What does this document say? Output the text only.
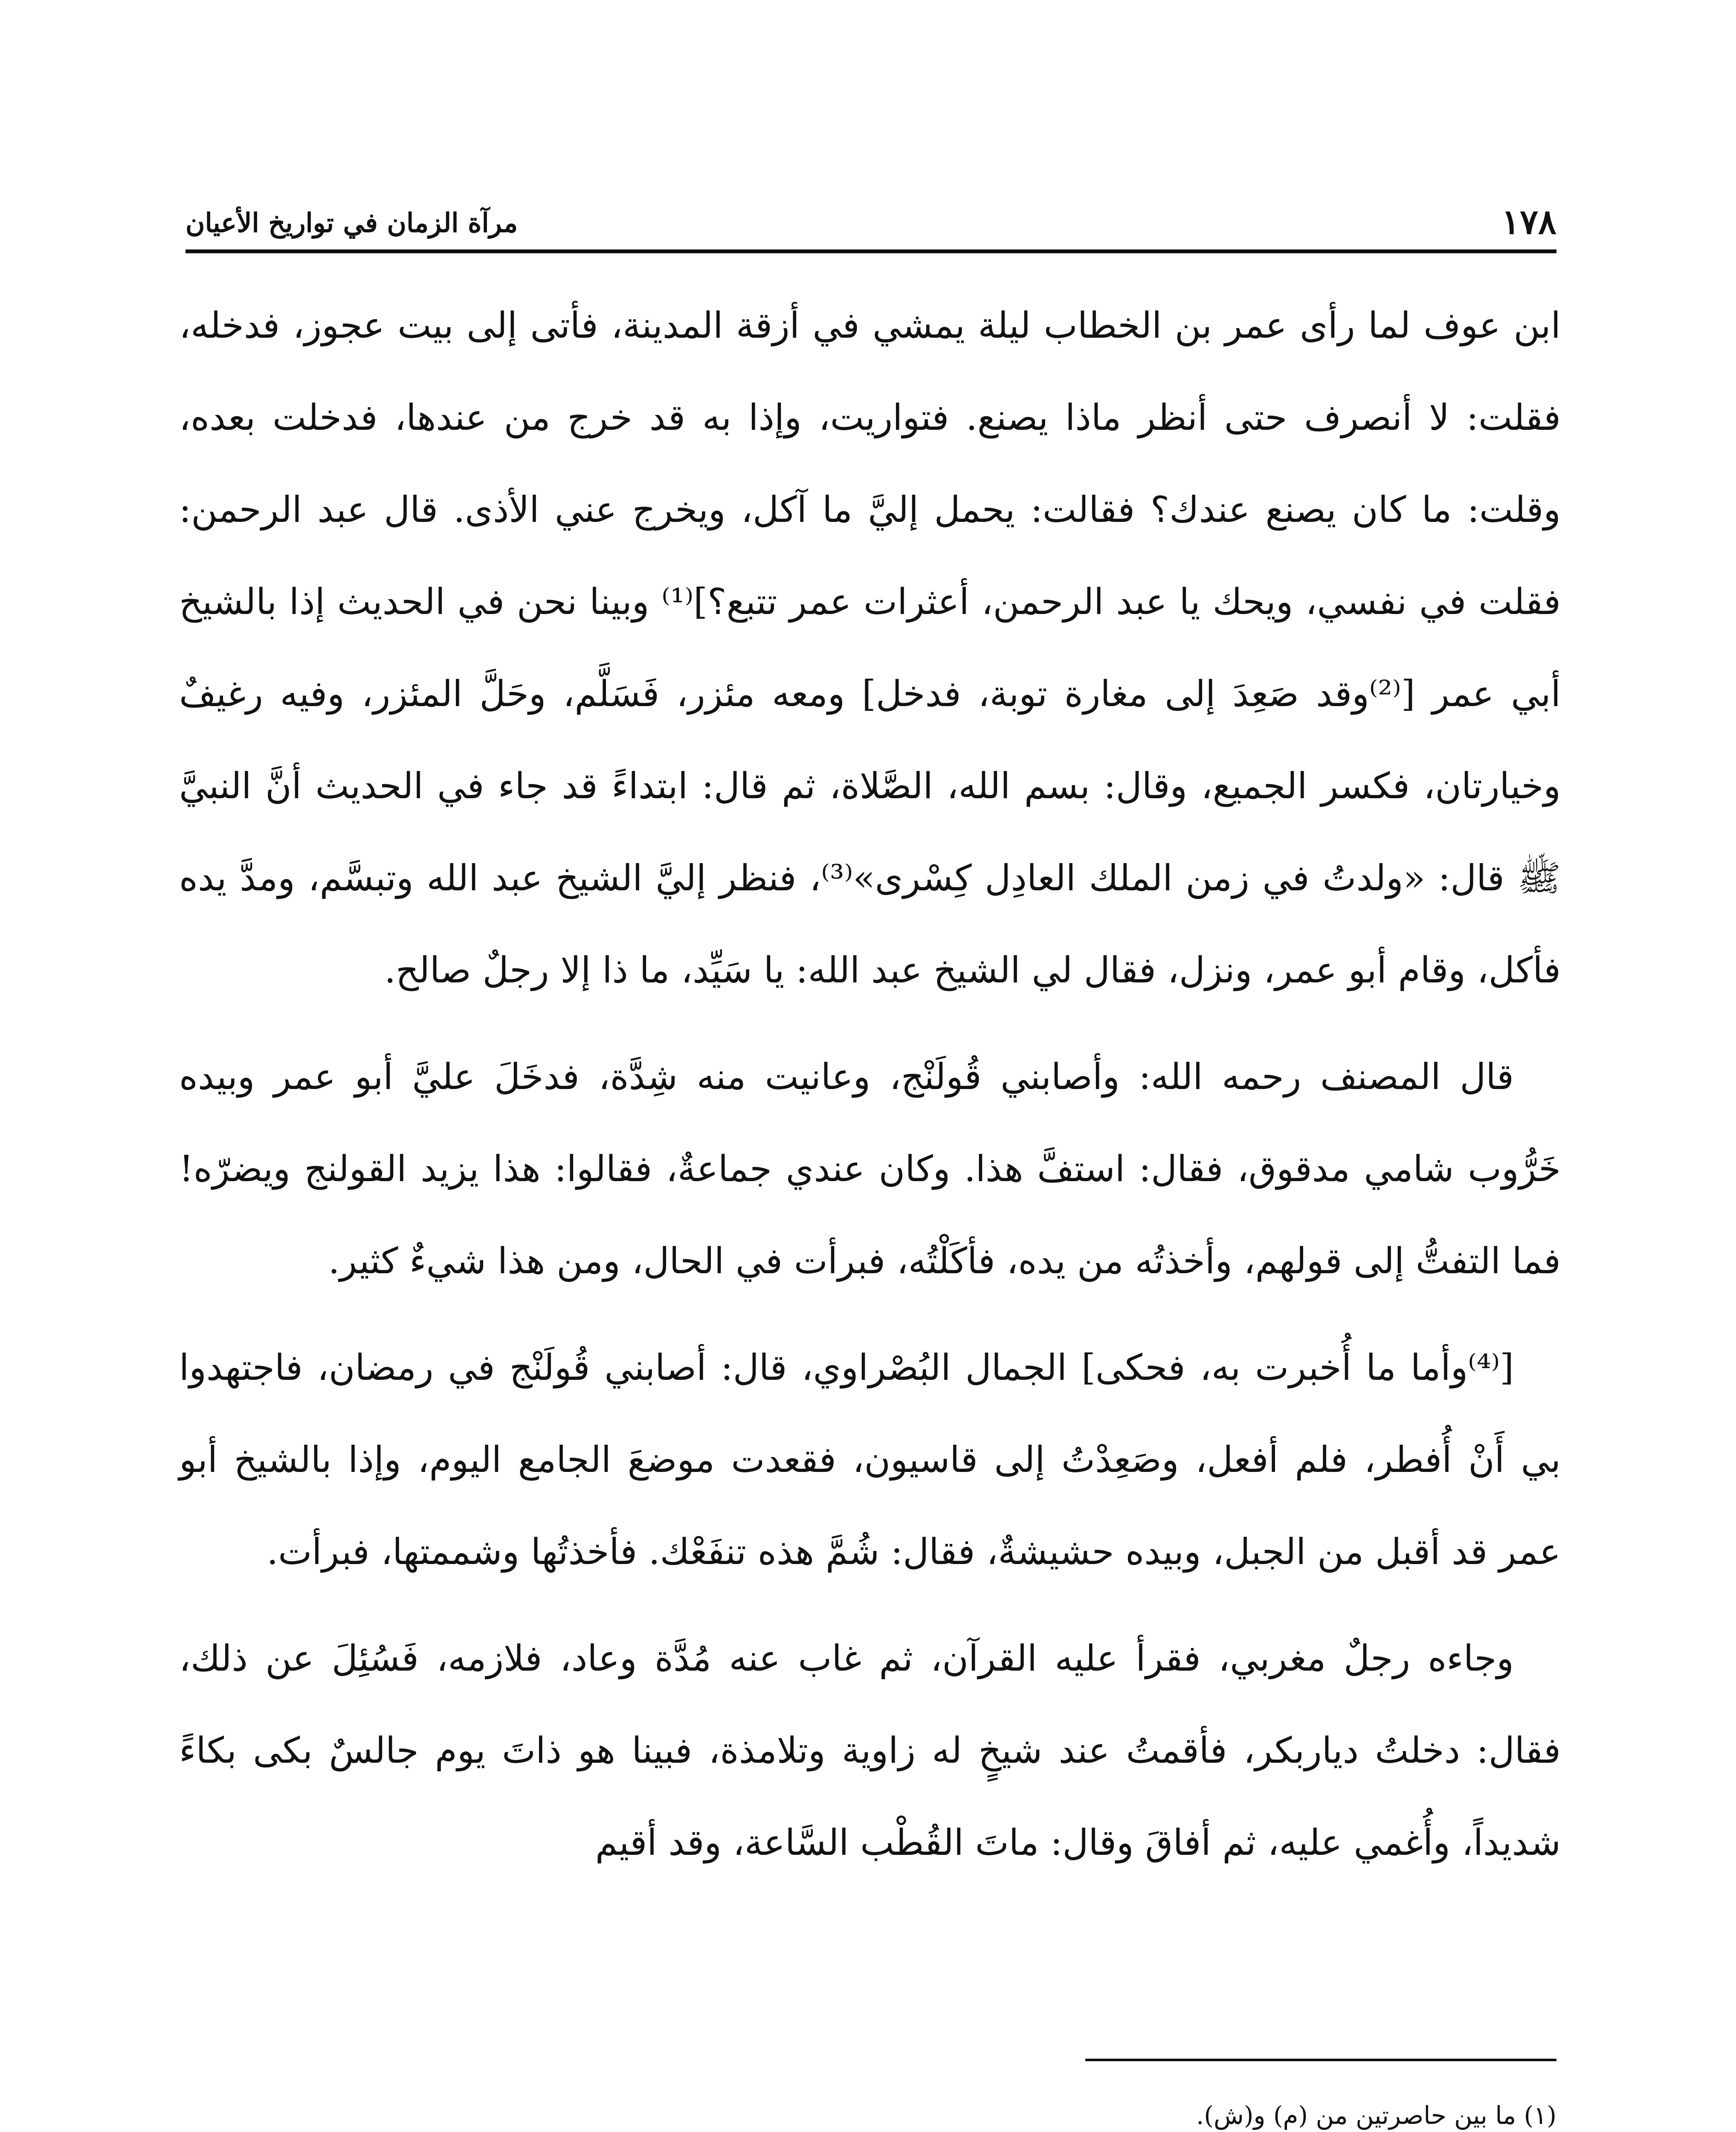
١٧٨
مرآة الزمان في تواريخ الأعيان

ابن عوف لما رأى عمر بن الخطاب ليلة يمشي في أزقة المدينة، فأتى إلى بيت عجوز، فدخله، فقلت: لا أنصرف حتى أنظر ماذا يصنع. فتواريت، وإذا به قد خرج من عندها، فدخلت بعده، وقلت: ما كان يصنع عندك؟ فقالت: يحمل إليَّ ما آكل، ويخرج عني الأذى. قال عبد الرحمن: فقلت في نفسي، ويحك يا عبد الرحمن، أعثرات عمر تتبع؟]⁽¹⁾ وبينا نحن في الحديث إذا بالشيخ أبي عمر [⁽²⁾وقد صَعِدَ إلى مغارة توبة، فدخل] ومعه مئزر، فَسَلَّم، وحَلَّ المئزر، وفيه رغيفٌ وخيارتان، فكسر الجميع، وقال: بسم الله، الصَّلاة، ثم قال: ابتداءً قد جاء في الحديث أنَّ النبيَّ ﷺ قال: «ولدتُ في زمن الملك العادِل كِسْرى»⁽³⁾، فنظر إليَّ الشيخ عبد الله وتبسَّم، ومدَّ يده فأكل، وقام أبو عمر، ونزل، فقال لي الشيخ عبد الله: يا سَيِّد، ما ذا إلا رجلٌ صالح.

قال المصنف رحمه الله: وأصابني قُولَنْج، وعانيت منه شِدَّة، فدخَلَ عليَّ أبو عمر وبيده خَرُّوب شامي مدقوق، فقال: استفَّ هذا. وكان عندي جماعةٌ، فقالوا: هذا يزيد القولنج ويضرّه! فما التفتُّ إلى قولهم، وأخذتُه من يده، فأكَلْتُه، فبرأت في الحال، ومن هذا شيءٌ كثير.

[⁽⁴⁾وأما ما أُخبرت به، فحكى] الجمال البُصْراوي، قال: أصابني قُولَنْج في رمضان، فاجتهدوا بي أَنْ أُفطر، فلم أفعل، وصَعِدْتُ إلى قاسيون، فقعدت موضعَ الجامع اليوم، وإذا بالشيخ أبو عمر قد أقبل من الجبل، وبيده حشيشةٌ، فقال: شُمَّ هذه تنفَعْك. فأخذتُها وشممتها، فبرأت.

وجاءه رجلٌ مغربي، فقرأ عليه القرآن، ثم غاب عنه مُدَّة وعاد، فلازمه، فَسُئِلَ عن ذلك، فقال: دخلتُ دياربكر، فأقمتُ عند شيخٍ له زاوية وتلامذة، فبينا هو ذاتَ يوم جالسٌ بكى بكاءً شديداً، وأُغمي عليه، ثم أفاقَ وقال: ماتَ القُطْب السَّاعة، وقد أقيم

(١) ما بين حاصرتين من (م) و(ش).
